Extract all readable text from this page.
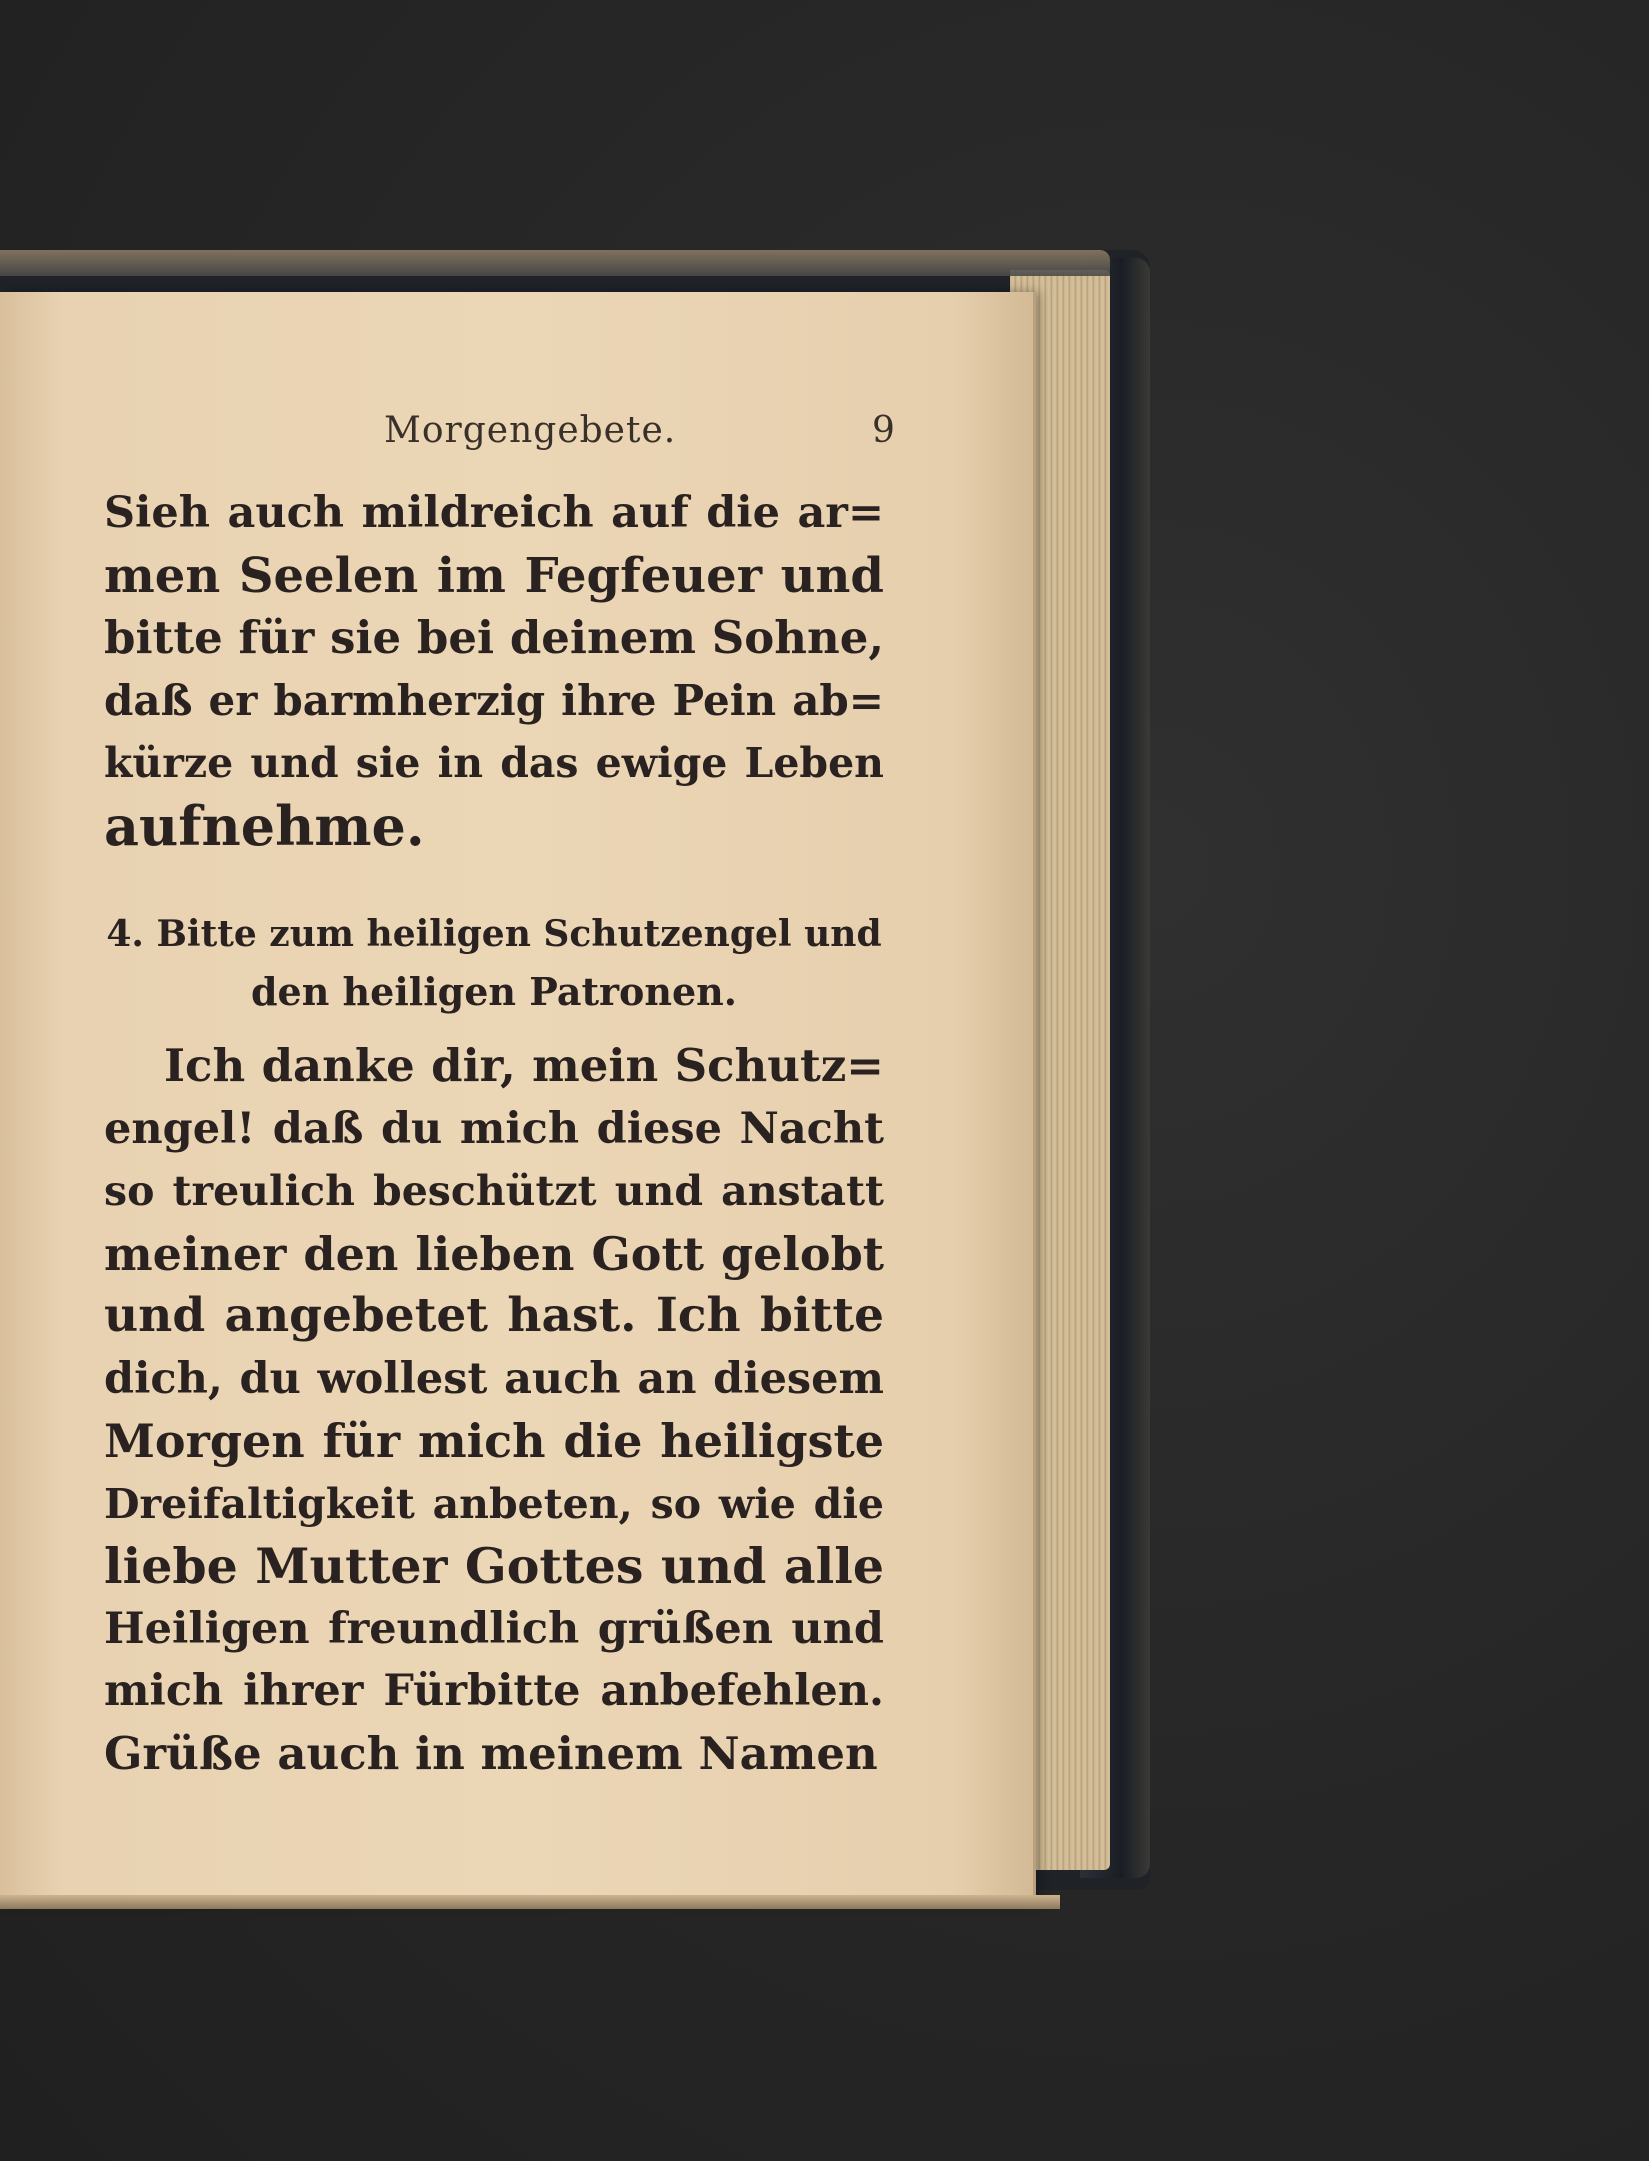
Morgengebete.	9
Sieh auch mildreich auf die ar=
men Seelen im Fegfeuer und
bitte für sie bei deinem Sohne,
daß er barmherzig ihre Pein ab=
kürze und sie in das ewige Leben
aufnehme.
4. Bitte zum heiligen Schutzengel und
den heiligen Patronen.
Ich danke dir, mein Schutz=
engel! daß du mich diese Nacht
so treulich beschützt und anstatt
meiner den lieben Gott gelobt
und angebetet hast. Ich bitte
dich, du wollest auch an diesem
Morgen für mich die heiligste
Dreifaltigkeit anbeten, so wie die
liebe Mutter Gottes und alle
Heiligen freundlich grüßen und
mich ihrer Fürbitte anbefehlen.
Grüße auch in meinem Namen
